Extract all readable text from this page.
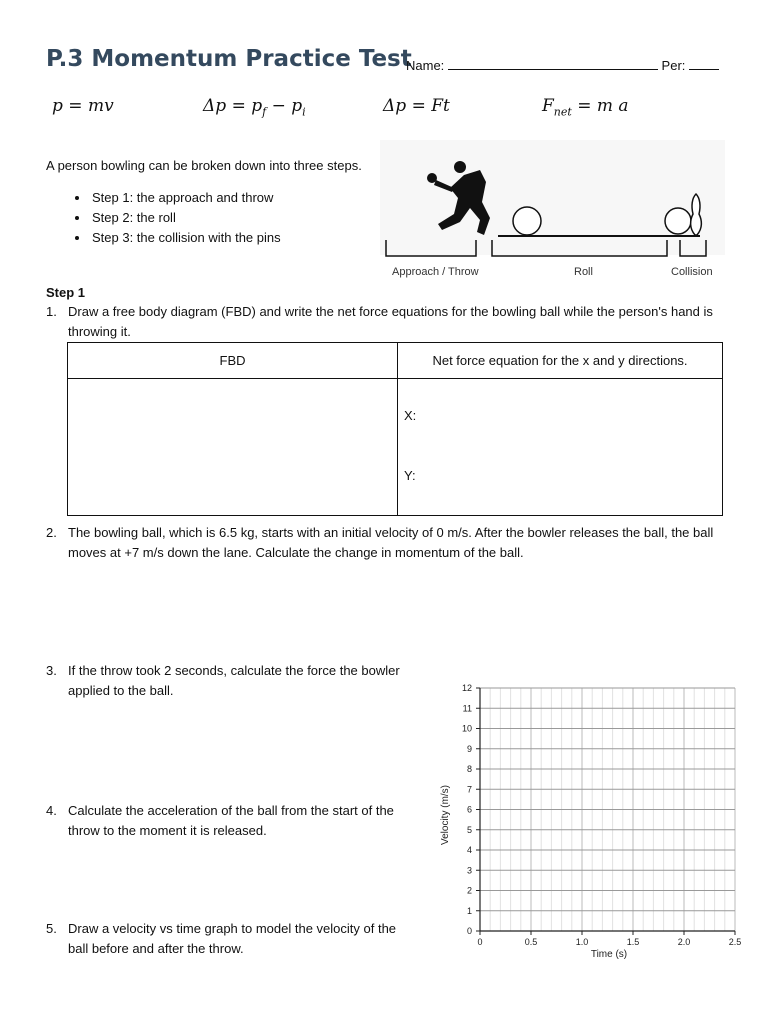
P.3 Momentum Practice Test
Name:	Per:
p = mv	$\Delta p = p_f - p_i$	Δp = Ft	$F_{net} = m$ a
A person bowling can be broken down into three steps.
• Step 1: the approach and throw
• Step 2: the roll
• Step 3: the collision with the pins
Approach / Throw	Roll	Collision
Step 1
1. Draw a free body diagram (FBD) and write the net force equations for the bowling ball while the person's hand is throwing it.
FBD	Net force equation for the x and y directions.

	X:
Y:
2. The bowling ball, which is 6.5 kg, starts with an initial velocity of 0 m/s. After the bowler releases the ball, the ball moves at +7 m/s down the lane. Calculate the change in momentum of the ball.
3. If the throw took 2 seconds, calculate the force the bowler applied to the ball.
4. Calculate the acceleration of the ball from the start of the throw to the moment it is released.
5. Draw a velocity vs time graph to model the velocity of the ball before and after the throw.
0
1
2
3
4
5
6
7
8
9
10
11
12
0	0.5	1.0	1.5	2.0	2.5
Velocity (m/s)
Time (s)
